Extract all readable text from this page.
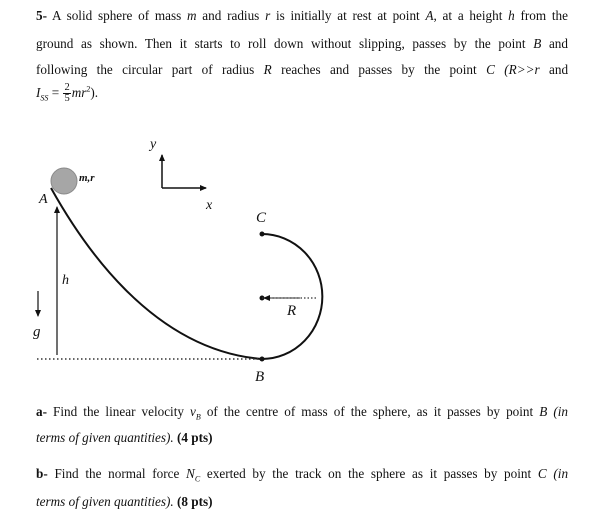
5- A solid sphere of mass m and radius r is initially at rest at point A, at a height h from the
ground as shown. Then it starts to roll down without slipping, passes by the point B and
following the circular part of radius R reaches and passes by the point C (R>>r and
$I_{SS} = \frac{2}{5} mr^2$).
m,r
A
h
g
B
C
R
y
x
a- Find the linear velocity $v_B$ of the centre of mass of the sphere, as it passes by point B (in
terms of given quantities). (4 pts)
b- Find the normal force $N_C$ exerted by the track on the sphere as it passes by point C (in
terms of given quantities). (8 pts)
